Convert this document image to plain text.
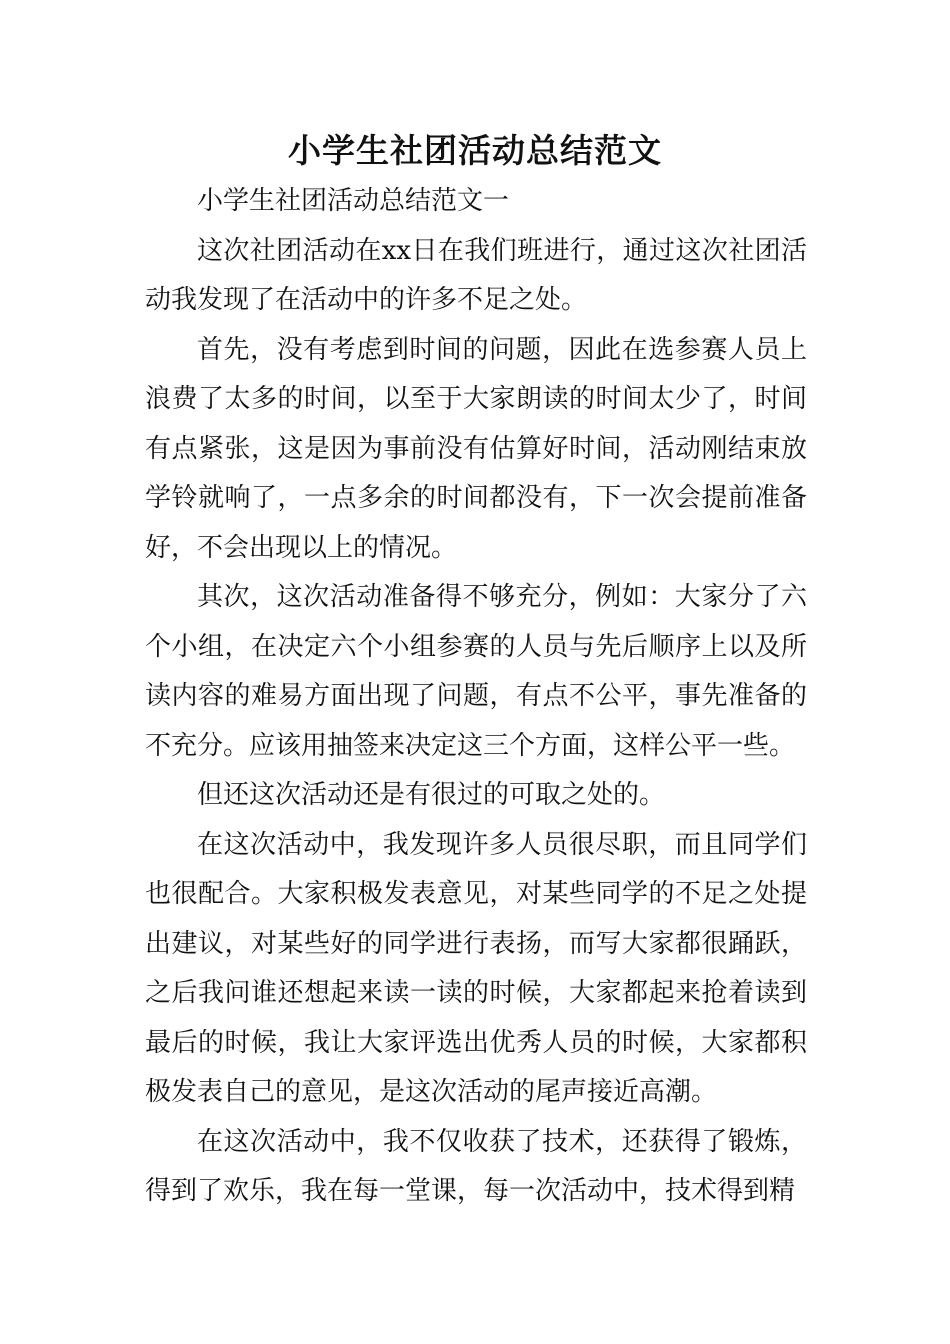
小学生社团活动总结范文

小学生社团活动总结范文一

这次社团活动在xx日在我们班进行，通过这次社团活动我发现了在活动中的许多不足之处。

首先，没有考虑到时间的问题，因此在选参赛人员上浪费了太多的时间，以至于大家朗读的时间太少了，时间有点紧张，这是因为事前没有估算好时间，活动刚结束放学铃就响了，一点多余的时间都没有，下一次会提前准备好，不会出现以上的情况。

其次，这次活动准备得不够充分，例如：大家分了六个小组，在决定六个小组参赛的人员与先后顺序上以及所读内容的难易方面出现了问题，有点不公平，事先准备的不充分。应该用抽签来决定这三个方面，这样公平一些。

但还这次活动还是有很过的可取之处的。

在这次活动中，我发现许多人员很尽职，而且同学们也很配合。大家积极发表意见，对某些同学的不足之处提出建议，对某些好的同学进行表扬，而写大家都很踊跃，之后我问谁还想起来读一读的时候，大家都起来抢着读到最后的时候，我让大家评选出优秀人员的时候，大家都积极发表自己的意见，是这次活动的尾声接近高潮。

在这次活动中，我不仅收获了技术，还获得了锻炼，得到了欢乐，我在每一堂课，每一次活动中，技术得到精
